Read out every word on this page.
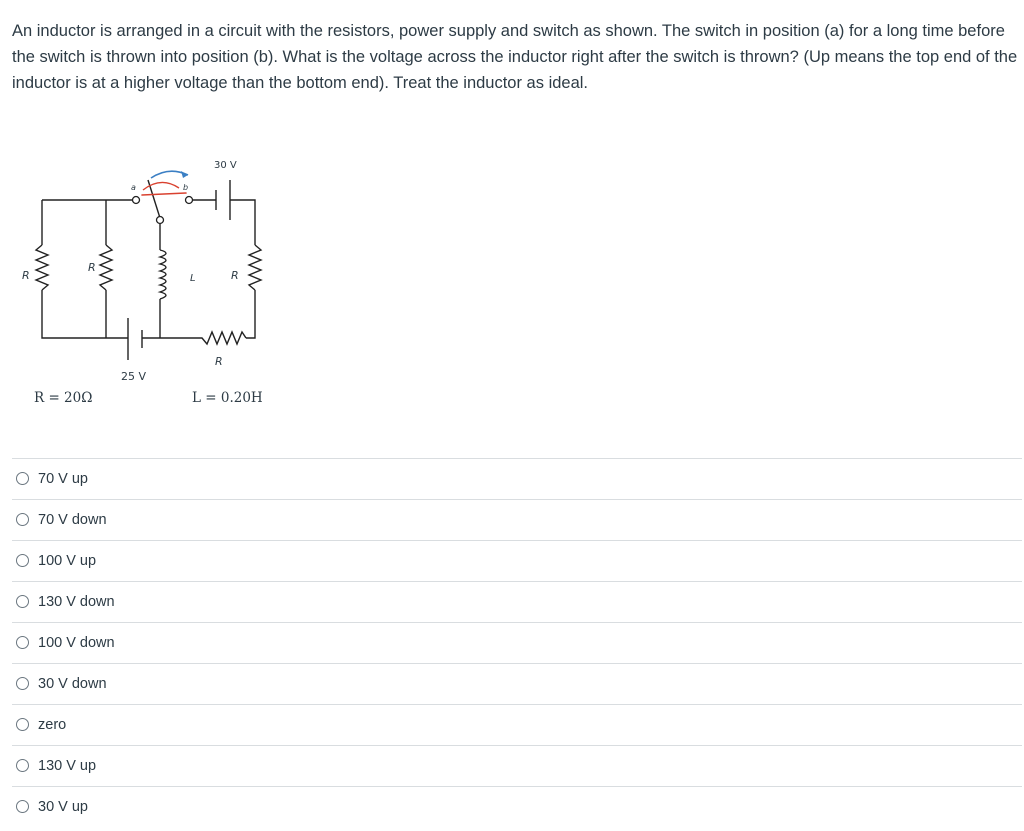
An inductor is arranged in a circuit with the resistors, power supply and switch as shown. The switch in position (a) for a long time before the switch is thrown into position (b). What is the voltage across the inductor right after the switch is thrown? (Up means the top end of the inductor is at a higher voltage than the bottom end). Treat the inductor as ideal.
30 V
a	b
R
R
L	R
R
25 V
R = 20Ω	L = 0.20H
70 V up
70 V down
100 V up
130 V down
100 V down
30 V down
zero
130 V up
30 V up
